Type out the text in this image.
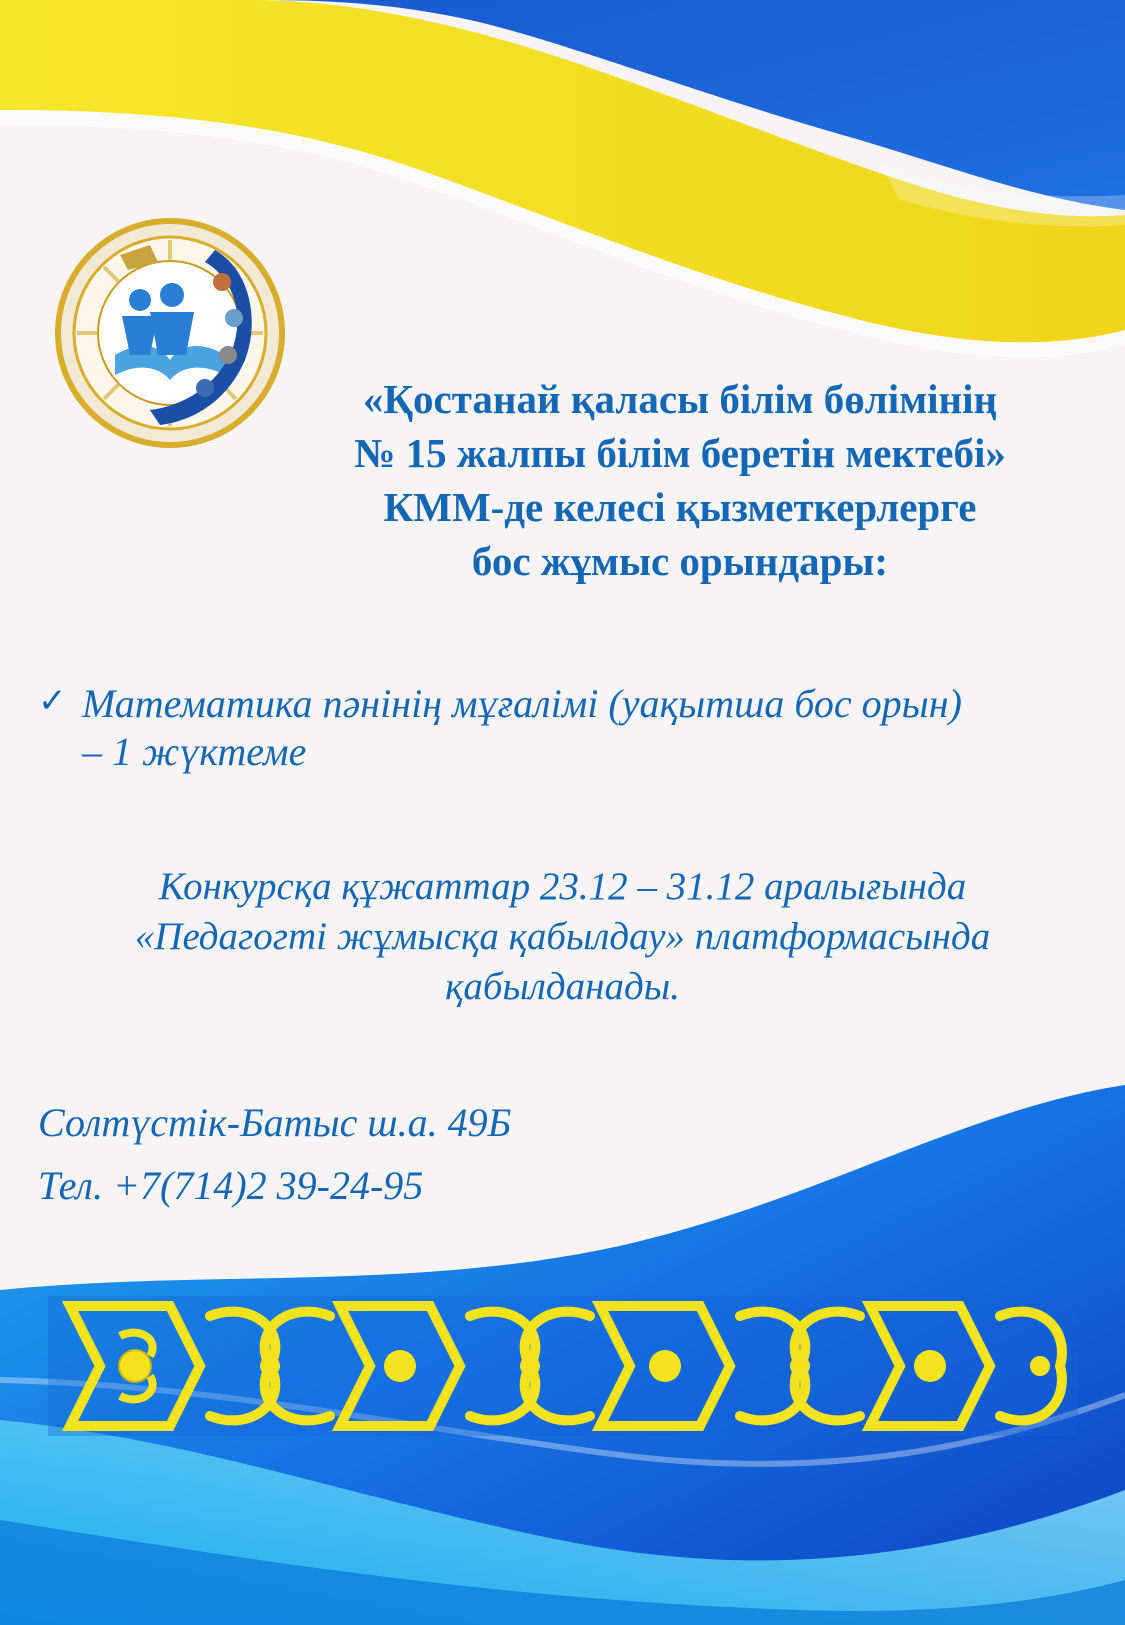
«Қостанай қаласы білім бөлімінің
№ 15 жалпы білім беретін мектебі»
КММ-де келесі қызметкерлерге
бос жұмыс орындары:
✓ Математика пәнінің мұғалімі (уақытша бос орын)
– 1 жүктеме
Конкурсқа құжаттар 23.12 – 31.12 аралығында
«Педагогті жұмысқа қабылдау» платформасында
қабылданады.
Солтүстік-Батыс ш.а. 49Б
Тел. +7(714)2 39-24-95
